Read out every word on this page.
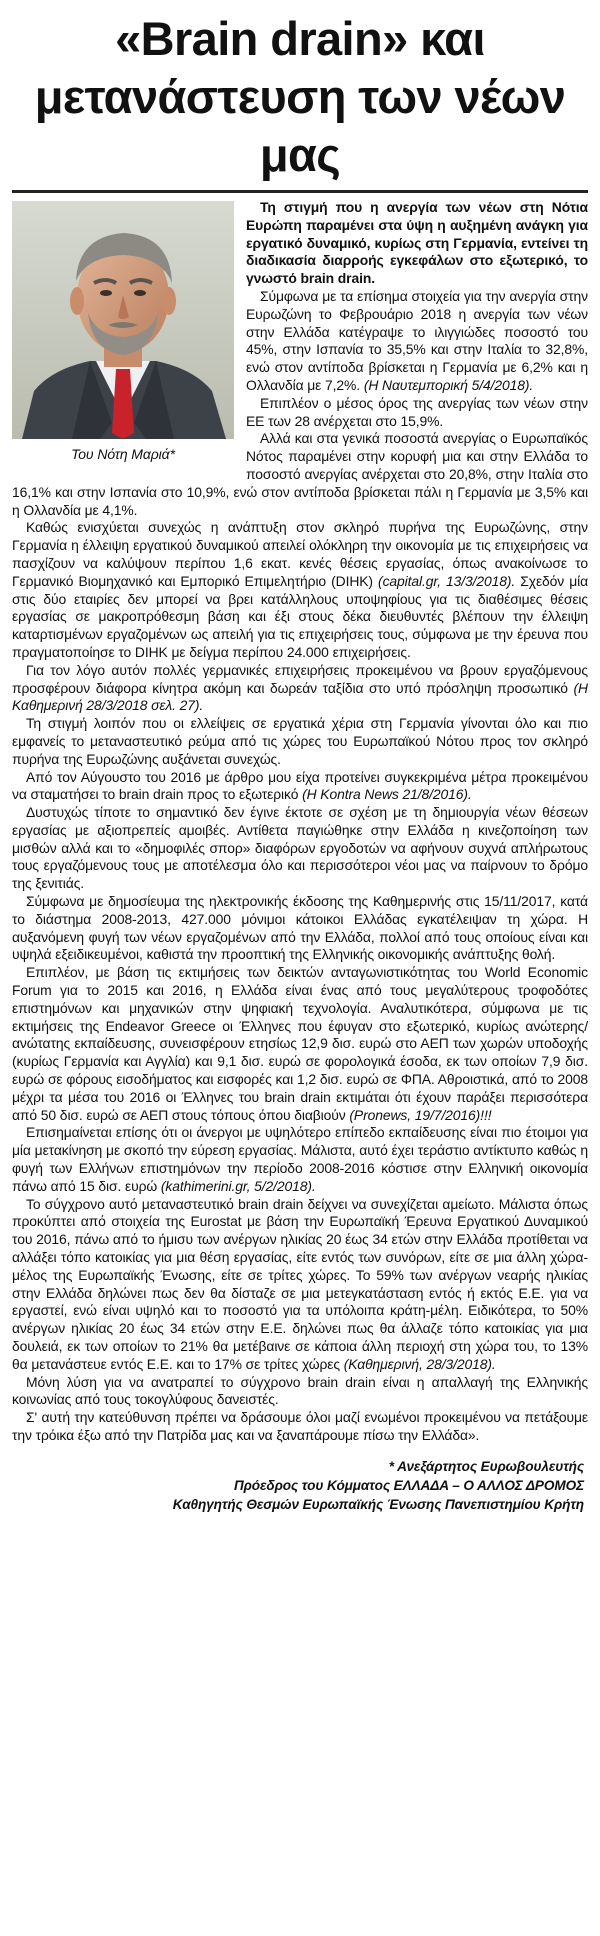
«Brain drain» και
μετανάστευση των νέων μας
Του Νότη Μαριά*

Τη στιγμή που η ανεργία των νέων στη Νότια Ευρώπη παραμένει στα ύψη η αυξημένη ανάγκη για εργατικό δυναμικό, κυρίως στη Γερμανία, εντείνει τη διαδικασία διαρροής εγκεφάλων στο εξωτερικό, το γνωστό brain drain.

Σύμφωνα με τα επίσημα στοιχεία για την ανεργία στην Ευρωζώνη το Φεβρουάριο 2018 η ανεργία των νέων στην Ελλάδα κατέγραψε το ιλιγγιώδες ποσοστό του 45%, στην Ισπανία το 35,5% και στην Ιταλία το 32,8%, ενώ στον αντίποδα βρίσκεται η Γερμανία με 6,2% και η Ολλανδία με 7,2%. (Η Ναυτεμπορική 5/4/2018).

Επιπλέον ο μέσος όρος της ανεργίας των νέων στην ΕΕ των 28 ανέρχεται στο 15,9%.

Αλλά και στα γενικά ποσοστά ανεργίας ο Ευρωπαϊκός Νότος παραμένει στην κορυφή μια και στην Ελλάδα το ποσοστό ανεργίας ανέρχεται στο 20,8%, στην Ιταλία στο 16,1% και στην Ισπανία στο 10,9%, ενώ στον αντίποδα βρίσκεται πάλι η Γερμανία με 3,5% και η Ολλανδία με 4,1%.

Καθώς ενισχύεται συνεχώς η ανάπτυξη στον σκληρό πυρήνα της Ευρωζώνης, στην Γερμανία η έλλειψη εργατικού δυναμικού απειλεί ολόκληρη την οικονομία με τις επιχειρήσεις να πασχίζουν να καλύψουν περίπου 1,6 εκατ. κενές θέσεις εργασίας, όπως ανακοίνωσε το Γερμανικό Βιομηχανικό και Εμπορικό Επιμελητήριο (DIHK) (capital.gr, 13/3/2018). Σχεδόν μία στις δύο εταιρίες δεν μπορεί να βρει κατάλληλους υποψηφίους για τις διαθέσιμες θέσεις εργασίας σε μακροπρόθεσμη βάση και έξι στους δέκα διευθυντές βλέπουν την έλλειψη καταρτισμένων εργαζομένων ως απειλή για τις επιχειρήσεις τους, σύμφωνα με την έρευνα που πραγματοποίησε το DIHK με δείγμα περίπου 24.000 επιχειρήσεις.

Για τον λόγο αυτόν πολλές γερμανικές επιχειρήσεις προκειμένου να βρουν εργαζόμενους προσφέρουν διάφορα κίνητρα ακόμη και δωρεάν ταξίδια στο υπό πρόσληψη προσωπικό (Η Καθημερινή 28/3/2018 σελ. 27).

Τη στιγμή λοιπόν που οι ελλείψεις σε εργατικά χέρια στη Γερμανία γίνονται όλο και πιο εμφανείς το μεταναστευτικό ρεύμα από τις χώρες του Ευρωπαϊκού Νότου προς τον σκληρό πυρήνα της Ευρωζώνης αυξάνεται συνεχώς.

Από τον Αύγουστο του 2016 με άρθρο μου είχα προτείνει συγκεκριμένα μέτρα προκειμένου να σταματήσει το brain drain προς το εξωτερικό (Η Kontra News 21/8/2016).

Δυστυχώς τίποτε το σημαντικό δεν έγινε έκτοτε σε σχέση με τη δημιουργία νέων θέσεων εργασίας με αξιοπρεπείς αμοιβές. Αντίθετα παγιώθηκε στην Ελλάδα η κινεζοποίηση των μισθών αλλά και το «δημοφιλές σπορ» διαφόρων εργοδοτών να αφήνουν συχνά απλήρωτους τους εργαζόμενους τους με αποτέλεσμα όλο και περισσότεροι νέοι μας να παίρνουν το δρόμο της ξενιτιάς.

Σύμφωνα με δημοσίευμα της ηλεκτρονικής έκδοσης της Καθημερινής στις 15/11/2017, κατά το διάστημα 2008-2013, 427.000 μόνιμοι κάτοικοι Ελλάδας εγκατέλειψαν τη χώρα. Η αυξανόμενη φυγή των νέων εργαζομένων από την Ελλάδα, πολλοί από τους οποίους είναι και υψηλά εξειδικευμένοι, καθιστά την προοπτική της Ελληνικής οικονομικής ανάπτυξης θολή.

Επιπλέον, με βάση τις εκτιμήσεις των δεικτών ανταγωνιστικότητας του World Economic Forum για το 2015 και 2016, η Ελλάδα είναι ένας από τους μεγαλύτερους τροφοδότες επιστημόνων και μηχανικών στην ψηφιακή τεχνολογία. Αναλυτικότερα, σύμφωνα με τις εκτιμήσεις της Endeavor Greece οι Έλληνες που έφυγαν στο εξωτερικό, κυρίως ανώτερης/ανώτατης εκπαίδευσης, συνεισφέρουν ετησίως 12,9 δισ. ευρώ στο ΑΕΠ των χωρών υποδοχής (κυρίως Γερμανία και Αγγλία) και 9,1 δισ. ευρώ σε φορολογικά έσοδα, εκ των οποίων 7,9 δισ. ευρώ σε φόρους εισοδήματος και εισφορές και 1,2 δισ. ευρώ σε ΦΠΑ. Αθροιστικά, από το 2008 μέχρι τα μέσα του 2016 οι Έλληνες του brain drain εκτιμάται ότι έχουν παράξει περισσότερα από 50 δισ. ευρώ σε ΑΕΠ στους τόπους όπου διαβιούν (Pronews, 19/7/2016)!!!

Επισημαίνεται επίσης ότι οι άνεργοι με υψηλότερο επίπεδο εκπαίδευσης είναι πιο έτοιμοι για μία μετακίνηση με σκοπό την εύρεση εργασίας. Μάλιστα, αυτό έχει τεράστιο αντίκτυπο καθώς η φυγή των Ελλήνων επιστημόνων την περίοδο 2008-2016 κόστισε στην Ελληνική οικονομία πάνω από 15 δισ. ευρώ (kathimerini.gr, 5/2/2018).

Το σύγχρονο αυτό μεταναστευτικό brain drain δείχνει να συνεχίζεται αμείωτο. Μάλιστα όπως προκύπτει από στοιχεία της Eurostat με βάση την Ευρωπαϊκή Έρευνα Εργατικού Δυναμικού του 2016, πάνω από το ήμισυ των ανέργων ηλικίας 20 έως 34 ετών στην Ελλάδα προτίθεται να αλλάξει τόπο κατοικίας για μια θέση εργασίας, είτε εντός των συνόρων, είτε σε μια άλλη χώρα-μέλος της Ευρωπαϊκής Ένωσης, είτε σε τρίτες χώρες. Το 59% των ανέργων νεαρής ηλικίας στην Ελλάδα δηλώνει πως δεν θα δίσταζε σε μια μετεγκατάσταση εντός ή εκτός Ε.Ε. για να εργαστεί, ενώ είναι υψηλό και το ποσοστό για τα υπόλοιπα κράτη-μέλη. Ειδικότερα, το 50% ανέργων ηλικίας 20 έως 34 ετών στην Ε.Ε. δηλώνει πως θα άλλαζε τόπο κατοικίας για μια δουλειά, εκ των οποίων το 21% θα μετέβαινε σε κάποια άλλη περιοχή στη χώρα του, το 13% θα μετανάστευε εντός Ε.Ε. και το 17% σε τρίτες χώρες (Καθημερινή, 28/3/2018).

Μόνη λύση για να ανατραπεί το σύγχρονο brain drain είναι η απαλλαγή της Ελληνικής κοινωνίας από τους τοκογλύφους δανειστές.

Σ' αυτή την κατεύθυνση πρέπει να δράσουμε όλοι μαζί ενωμένοι προκειμένου να πετάξουμε την τρόικα έξω από την Πατρίδα μας και να ξαναπάρουμε πίσω την Ελλάδα».

* Ανεξάρτητος Ευρωβουλευτής
Πρόεδρος του Κόμματος ΕΛΛΑΔΑ – Ο ΑΛΛΟΣ ΔΡΟΜΟΣ
Καθηγητής Θεσμών Ευρωπαϊκής Ένωσης Πανεπιστημίου Κρήτη
